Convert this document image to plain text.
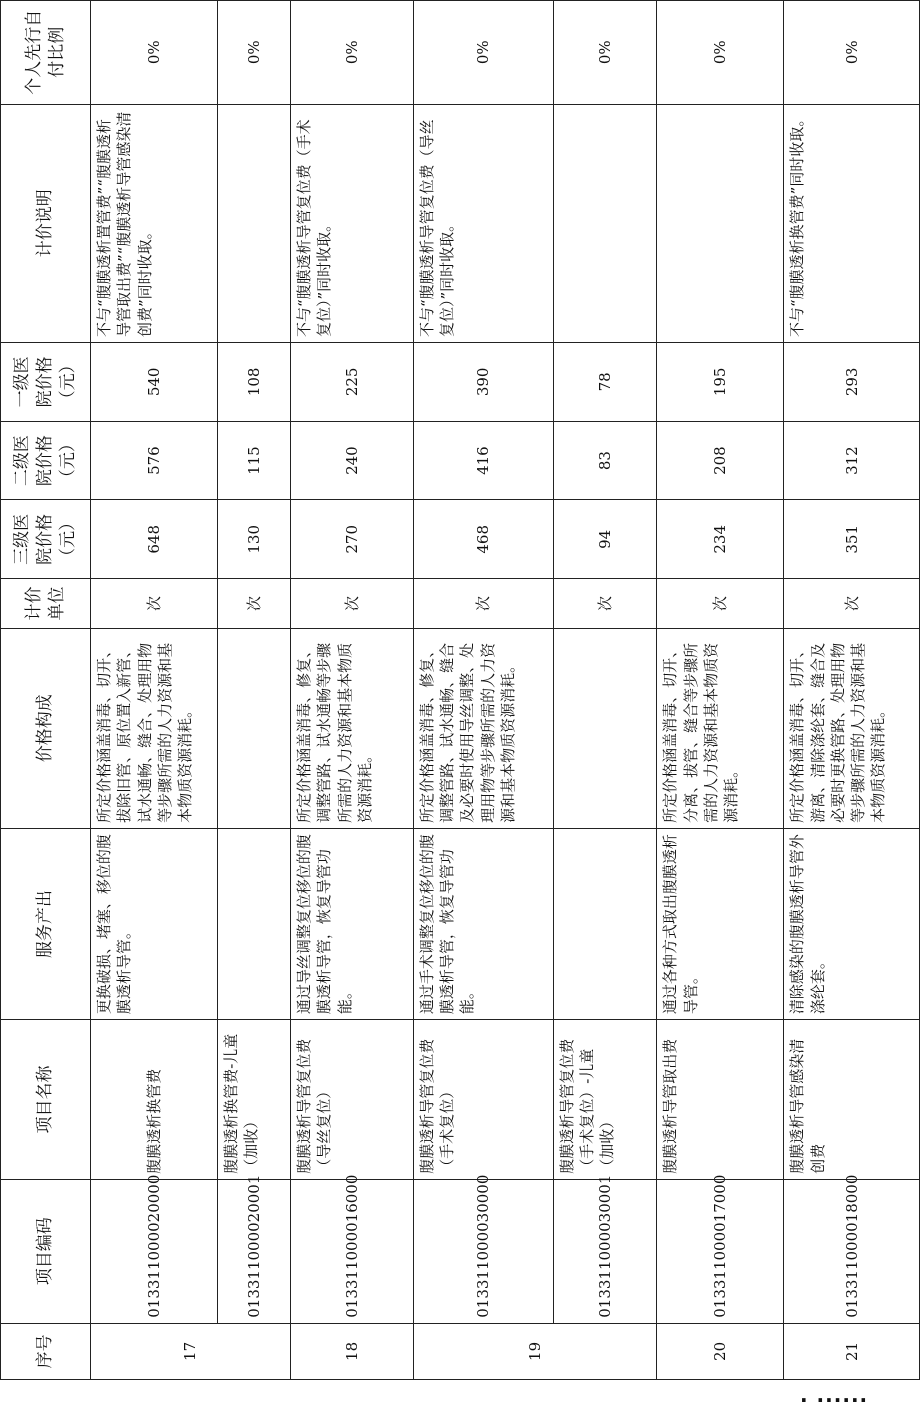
序号	项目编码	项目名称	服务产出	价格构成	计价单位	三级医院价格（元）	二级医院价格（元）	一级医院价格（元）	计价说明	个人先行自付比例
17	013311000020000	腹膜透析换管费	更换破损、堵塞、移位的腹膜透析导管。	所定价格涵盖消毒、切开、拔除旧管、原位置入新管、试水通畅、缝合、处理用物等步骤所需的人力资源和基本物质资源消耗。	次	648	576	540	不与“腹膜透析置管费”“腹膜透析导管取出费”“腹膜透析导管感染清创费”同时收取。	0%
	013311000020001	腹膜透析换管费-儿童（加收）			次	130	115	108		0%
18	013311000016000	腹膜透析导管复位费（导丝复位）	通过导丝调整复位移位的腹膜透析导管，恢复导管功能。	所定价格涵盖消毒、修复、调整管路、试水通畅等步骤所需的人力资源和基本物质资源消耗。	次	270	240	225	不与“腹膜透析导管复位费（手术复位）”同时收取。	0%
19	013311000030000	腹膜透析导管复位费（手术复位）	通过手术调整复位移位的腹膜透析导管，恢复导管功能。	所定价格涵盖消毒、修复、调整管路、试水通畅、缝合及必要时使用导丝调整、处理用物等步骤所需的人力资源和基本物质资源消耗。	次	468	416	390	不与“腹膜透析导管复位费（导丝复位）”同时收取。	0%
	013311000030001	腹膜透析导管复位费（手术复位）-儿童（加收）			次	94	83	78		0%
20	013311000017000	腹膜透析导管取出费	通过各种方式取出腹膜透析导管。	所定价格涵盖消毒、切开、分离、拔管、缝合等步骤所需的人力资源和基本物质资源消耗。	次	234	208	195		0%
21	013311000018000	腹膜透析导管感染清创费	清除感染的腹膜透析导管外涤纶套。	所定价格涵盖消毒、切开、游离、清除涤纶套、缝合及必要时更换管路、处理用物等步骤所需的人力资源和基本物质资源消耗。	次	351	312	293	不与“腹膜透析换管费”同时收取。	0%
· ······
